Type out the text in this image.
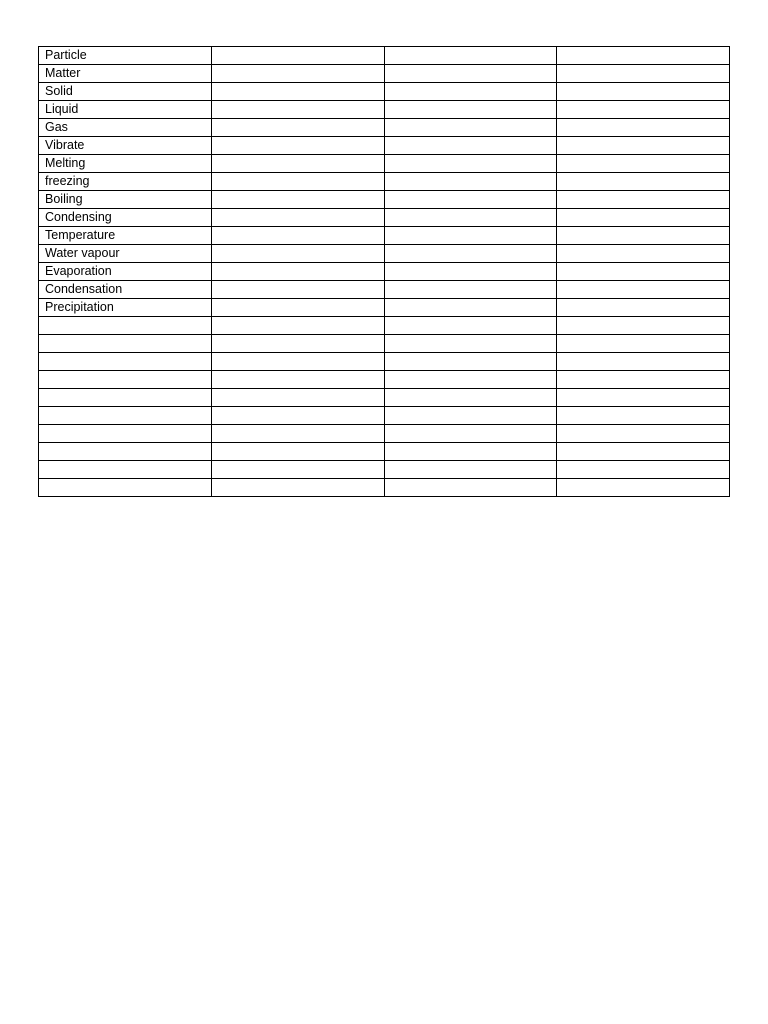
Particle			
Matter			
Solid			
Liquid			
Gas			
Vibrate			
Melting			
freezing			
Boiling			
Condensing			
Temperature			
Water vapour			
Evaporation			
Condensation			
Precipitation			
